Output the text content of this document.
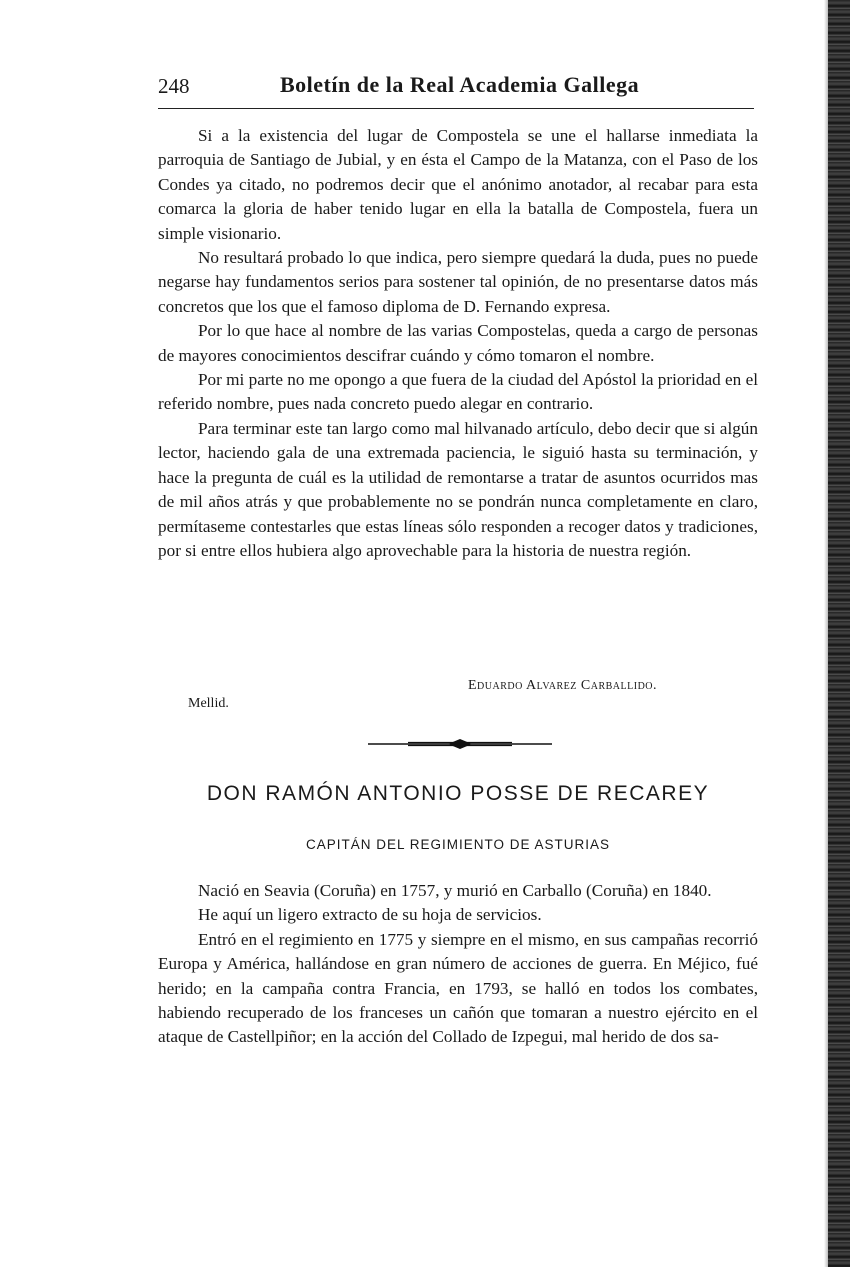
248	Boletín de la Real Academia Gallega

Si a la existencia del lugar de Compostela se une el hallarse inmediata la parroquia de Santiago de Jubial, y en ésta el Campo de la Matanza, con el Paso de los Condes ya citado, no podremos decir que el anónimo anotador, al recabar para esta comarca la gloria de haber tenido lugar en ella la batalla de Compostela, fuera un simple visionario.

No resultará probado lo que indica, pero siempre quedará la duda, pues no puede negarse hay fundamentos serios para sostener tal opinión, de no presentarse datos más concretos que los que el famoso diploma de D. Fernando expresa.

Por lo que hace al nombre de las varias Compostelas, queda a cargo de personas de mayores conocimientos descifrar cuándo y cómo tomaron el nombre.

Por mi parte no me opongo a que fuera de la ciudad del Apóstol la prioridad en el referido nombre, pues nada concreto puedo alegar en contrario.

Para terminar este tan largo como mal hilvanado artículo, debo decir que si algún lector, haciendo gala de una extremada paciencia, le siguió hasta su terminación, y hace la pregunta de cuál es la utilidad de remontarse a tratar de asuntos ocurridos mas de mil años atrás y que probablemente no se pondrán nunca completamente en claro, permítaseme contestarles que estas líneas sólo responden a recoger datos y tradiciones, por si entre ellos hubiera algo aprovechable para la historia de nuestra región.

Eduardo Alvarez Carballido.
Mellid.
DON RAMÓN ANTONIO POSSE DE RECAREY
CAPITÁN DEL REGIMIENTO DE ASTURIAS

Nació en Seavia (Coruña) en 1757, y murió en Carballo (Coruña) en 1840.

He aquí un ligero extracto de su hoja de servicios.

Entró en el regimiento en 1775 y siempre en el mismo, en sus campañas recorrió Europa y América, hallándose en gran número de acciones de guerra. En Méjico, fué herido; en la campaña contra Francia, en 1793, se halló en todos los combates, habiendo recuperado de los franceses un cañón que tomaran a nuestro ejército en el ataque de Castellpiñor; en la acción del Collado de Izpegui, mal herido de dos sa-
